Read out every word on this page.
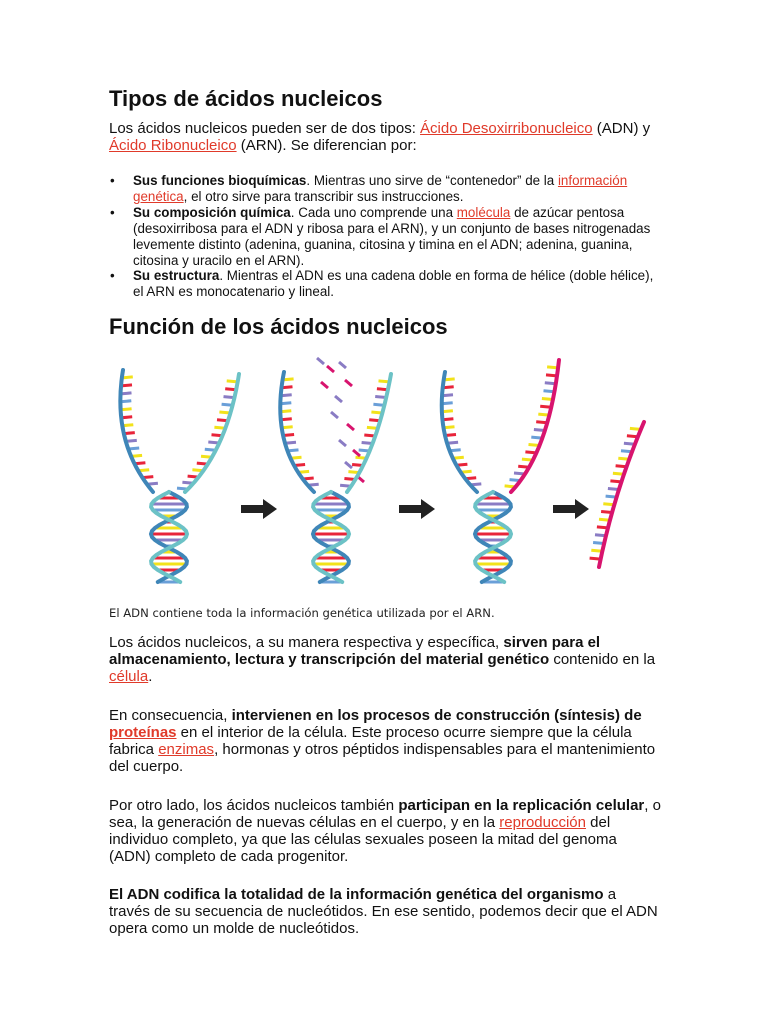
Tipos de ácidos nucleicos
Los ácidos nucleicos pueden ser de dos tipos: Ácido Desoxirribonucleico (ADN) y Ácido Ribonucleico (ARN). Se diferencian por:
• Sus funciones bioquímicas. Mientras uno sirve de “contenedor” de la información genética, el otro sirve para transcribir sus instrucciones.
• Su composición química. Cada uno comprende una molécula de azúcar pentosa (desoxirribosa para el ADN y ribosa para el ARN), y un conjunto de bases nitrogenadas levemente distinto (adenina, guanina, citosina y timina en el ADN; adenina, guanina, citosina y uracilo en el ARN).
• Su estructura. Mientras el ADN es una cadena doble en forma de hélice (doble hélice), el ARN es monocatenario y lineal.
Función de los ácidos nucleicos
El ADN contiene toda la información genética utilizada por el ARN.
Los ácidos nucleicos, a su manera respectiva y específica, sirven para el almacenamiento, lectura y transcripción del material genético contenido en la célula.
En consecuencia, intervienen en los procesos de construcción (síntesis) de proteínas en el interior de la célula. Este proceso ocurre siempre que la célula fabrica enzimas, hormonas y otros péptidos indispensables para el mantenimiento del cuerpo.
Por otro lado, los ácidos nucleicos también participan en la replicación celular, o sea, la generación de nuevas células en el cuerpo, y en la reproducción del individuo completo, ya que las células sexuales poseen la mitad del genoma (ADN) completo de cada progenitor.
El ADN codifica la totalidad de la información genética del organismo a través de su secuencia de nucleótidos. En ese sentido, podemos decir que el ADN opera como un molde de nucleótidos.
